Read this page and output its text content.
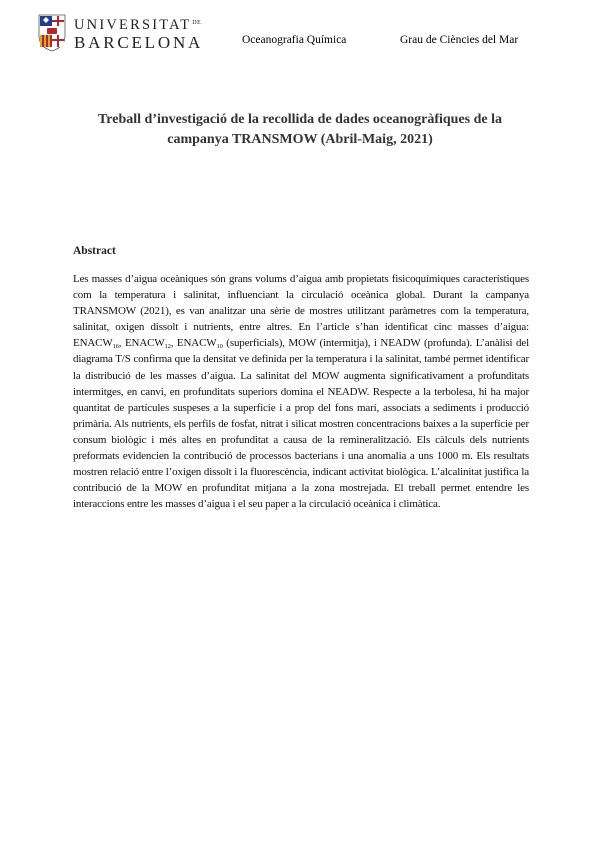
UNIVERSITAT DE
BARCELONA	Oceanografia Química	Grau de Ciències del Mar
Treball d’investigació de la recollida de dades oceanogràfiques de la campanya TRANSMOW (Abril-Maig, 2021)
Abstract
Les masses d’aigua oceàniques són grans volums d’aigua amb propietats fisicoquímiques característiques com la temperatura i salinitat, influenciant la circulació oceànica global. Durant la campanya TRANSMOW (2021), es van analitzar una sèrie de mostres utilitzant paràmetres com la temperatura, salinitat, oxigen dissolt i nutrients, entre altres. En l’article s’han identificat cinc masses d’aigua: $ENACW_{16}$, $ENACW_{12}$, $ENACW_{10}$ (superficials), MOW (intermitja), i NEADW (profunda). L’anàlisi del diagrama T/S confirma que la densitat ve definida per la temperatura i la salinitat, també permet identificar la distribució de les masses d’aigua. La salinitat del MOW augmenta significativament a profunditats intermitges, en canvi, en profunditats superiors domina el NEADW. Respecte a la terbolesa, hi ha major quantitat de partícules suspeses a la superfície i a prop del fons marí, associats a sediments i producció primària. Als nutrients, els perfils de fosfat, nitrat i silicat mostren concentracions baixes a la superfície per consum biològic i més altes en profunditat a causa de la remineralització. Els càlculs dels nutrients preformats evidencien la contribució de processos bacterians i una anomalia a uns 1000 m. Els resultats mostren relació entre l’oxigen dissolt i la fluorescència, indicant activitat biològica. L’alcalinitat justifica la contribució de la MOW en profunditat mitjana a la zona mostrejada. El treball permet entendre les interaccions entre les masses d’aigua i el seu paper a la circulació oceànica i climàtica.
